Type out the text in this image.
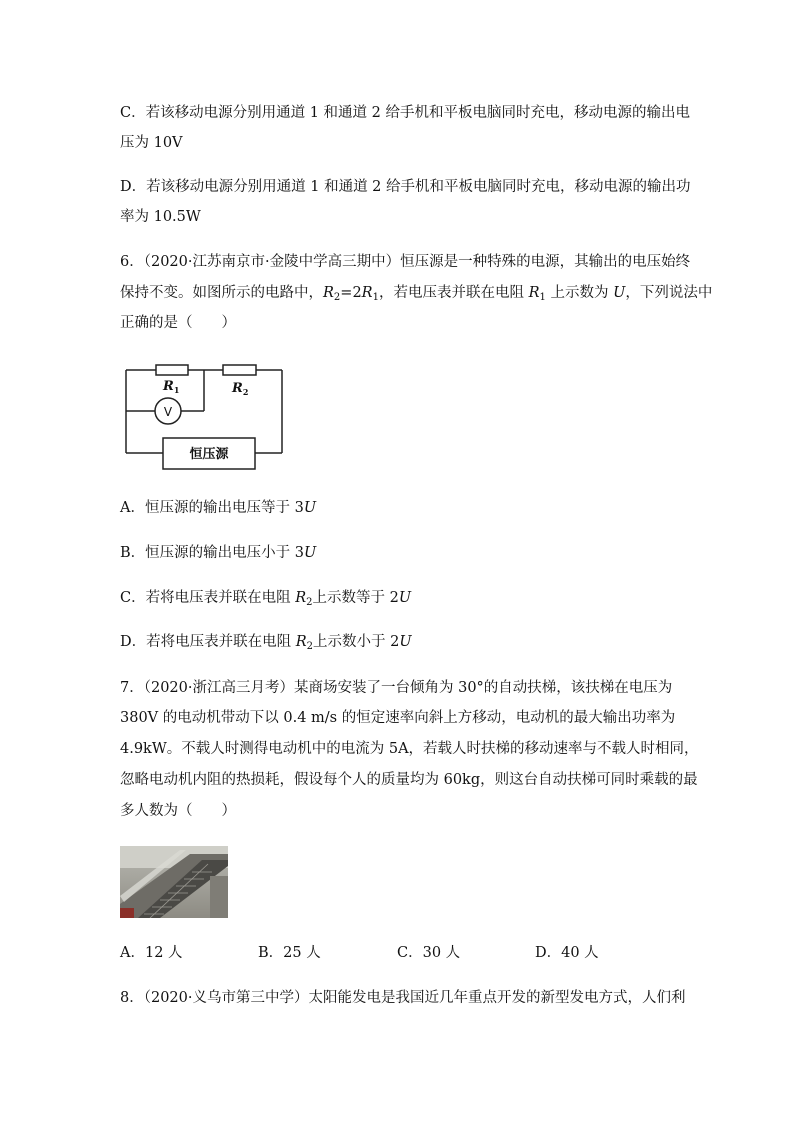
C．若该移动电源分别用通道 1 和通道 2 给手机和平板电脑同时充电，移动电源的输出电
压为 10V
D．若该移动电源分别用通道 1 和通道 2 给手机和平板电脑同时充电，移动电源的输出功
率为 10.5W
6．（2020·江苏南京市·金陵中学高三期中）恒压源是一种特殊的电源，其输出的电压始终
保持不变。如图所示的电路中，$R_2=2R_1$，若电压表并联在电阻 $R_1$ 上示数为 U，下列说法中
正确的是（　　）
$R_1$	$R_2$
V
恒压源
A．恒压源的输出电压等于 3U
B．恒压源的输出电压小于 3U
C．若将电压表并联在电阻 $R_2$上示数等于 2U
D．若将电压表并联在电阻 $R_2$上示数小于 2U
7．（2020·浙江高三月考）某商场安装了一台倾角为 30°的自动扶梯，该扶梯在电压为
380V 的电动机带动下以 0.4 m/s 的恒定速率向斜上方移动，电动机的最大输出功率为
4.9kW。不载人时测得电动机中的电流为 5A，若载人时扶梯的移动速率与不载人时相同，
忽略电动机内阻的热损耗，假设每个人的质量均为 60kg，则这台自动扶梯可同时乘载的最
多人数为（　　）
A．12 人	B．25 人	C．30 人	D．40 人
8．（2020·义乌市第三中学）太阳能发电是我国近几年重点开发的新型发电方式，人们利
